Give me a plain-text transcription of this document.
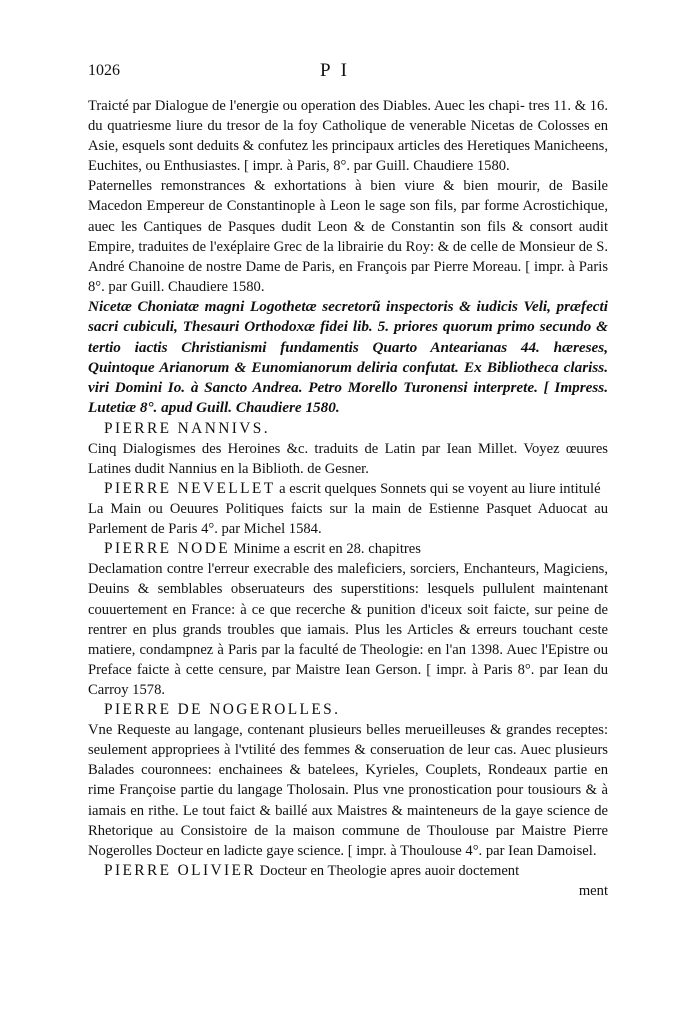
1026	P I

Traicté par Dialogue de l'energie ou operation des Diables. Auec les chapi- tres 11. & 16. du quatriesme liure du tresor de la foy Catholique de venerable Nicetas de Colosses en Asie, esquels sont deduits & confutez les principaux articles des Heretiques Manicheens, Euchites, ou Enthusiastes. [ impr. à Paris, 8°. par Guill. Chaudiere 1580.

Paternelles remonstrances & exhortations à bien viure & bien mourir, de Basile Macedon Empereur de Constantinople à Leon le sage son fils, par forme Acrostichique, auec les Cantiques de Pasques dudit Leon & de Constantin son fils & consort audit Empire, traduites de l'exéplaire Grec de la librairie du Roy: & de celle de Monsieur de S. André Chanoine de nostre Dame de Paris, en François par Pierre Moreau. [ impr. à Paris 8°. par Guill. Chaudiere 1580.

Nicetæ Choniatæ magni Logothetæ secretorũ inspectoris & iudicis Veli, præfecti sacri cubiculi, Thesauri Orthodoxæ fidei lib. 5. priores quorum primo secundo & tertio iactis Christianismi fundamentis Quarto Antearianas 44. hæreses, Quintoque Arianorum & Eunomianorum deliria confutat. Ex Bibliotheca clariss. viri Domini Io. à Sancto Andrea. Petro Morello Turonensi interprete. [ Impress. Lutetiæ 8°. apud Guill. Chaudiere 1580.

PIERRE NANNIVS.

Cinq Dialogismes des Heroines &c. traduits de Latin par Iean Millet. Voyez œuures Latines dudit Nannius en la Biblioth. de Gesner.

PIERRE NEVELLET a escrit quelques Sonnets qui se voyent au liure intitulé

La Main ou Oeuures Politiques faicts sur la main de Estienne Pasquet Aduocat au Parlement de Paris 4°. par Michel 1584.

PIERRE NODE Minime a escrit en 28. chapitres

Declamation contre l'erreur execrable des maleficiers, sorciers, Enchanteurs, Magiciens, Deuins & semblables obseruateurs des superstitions: lesquels pullulent maintenant couuertement en France: à ce que recerche & punition d'iceux soit faicte, sur peine de rentrer en plus grands troubles que iamais. Plus les Articles & erreurs touchant ceste matiere, condampnez à Paris par la faculté de Theologie: en l'an 1398. Auec l'Epistre ou Preface faicte à cette censure, par Maistre Iean Gerson. [ impr. à Paris 8°. par Iean du Carroy 1578.

PIERRE DE NOGEROLLES.

Vne Requeste au langage, contenant plusieurs belles merueilleuses & grandes receptes: seulement appropriees à l'vtilité des femmes & conseruation de leur cas. Auec plusieurs Balades couronnees: enchainees & batelees, Kyrieles, Couplets, Rondeaux partie en rime Françoise partie du langage Tholosain. Plus vne pronostication pour tousiours & à iamais en rithe. Le tout faict & baillé aux Maistres & mainteneurs de la gaye science de Rhetorique au Consistoire de la maison commune de Thoulouse par Maistre Pierre Nogerolles Docteur en ladicte gaye science. [ impr. à Thoulouse 4°. par Iean Damoisel.

PIERRE OLIVIER Docteur en Theologie apres auoir doctement

ment
